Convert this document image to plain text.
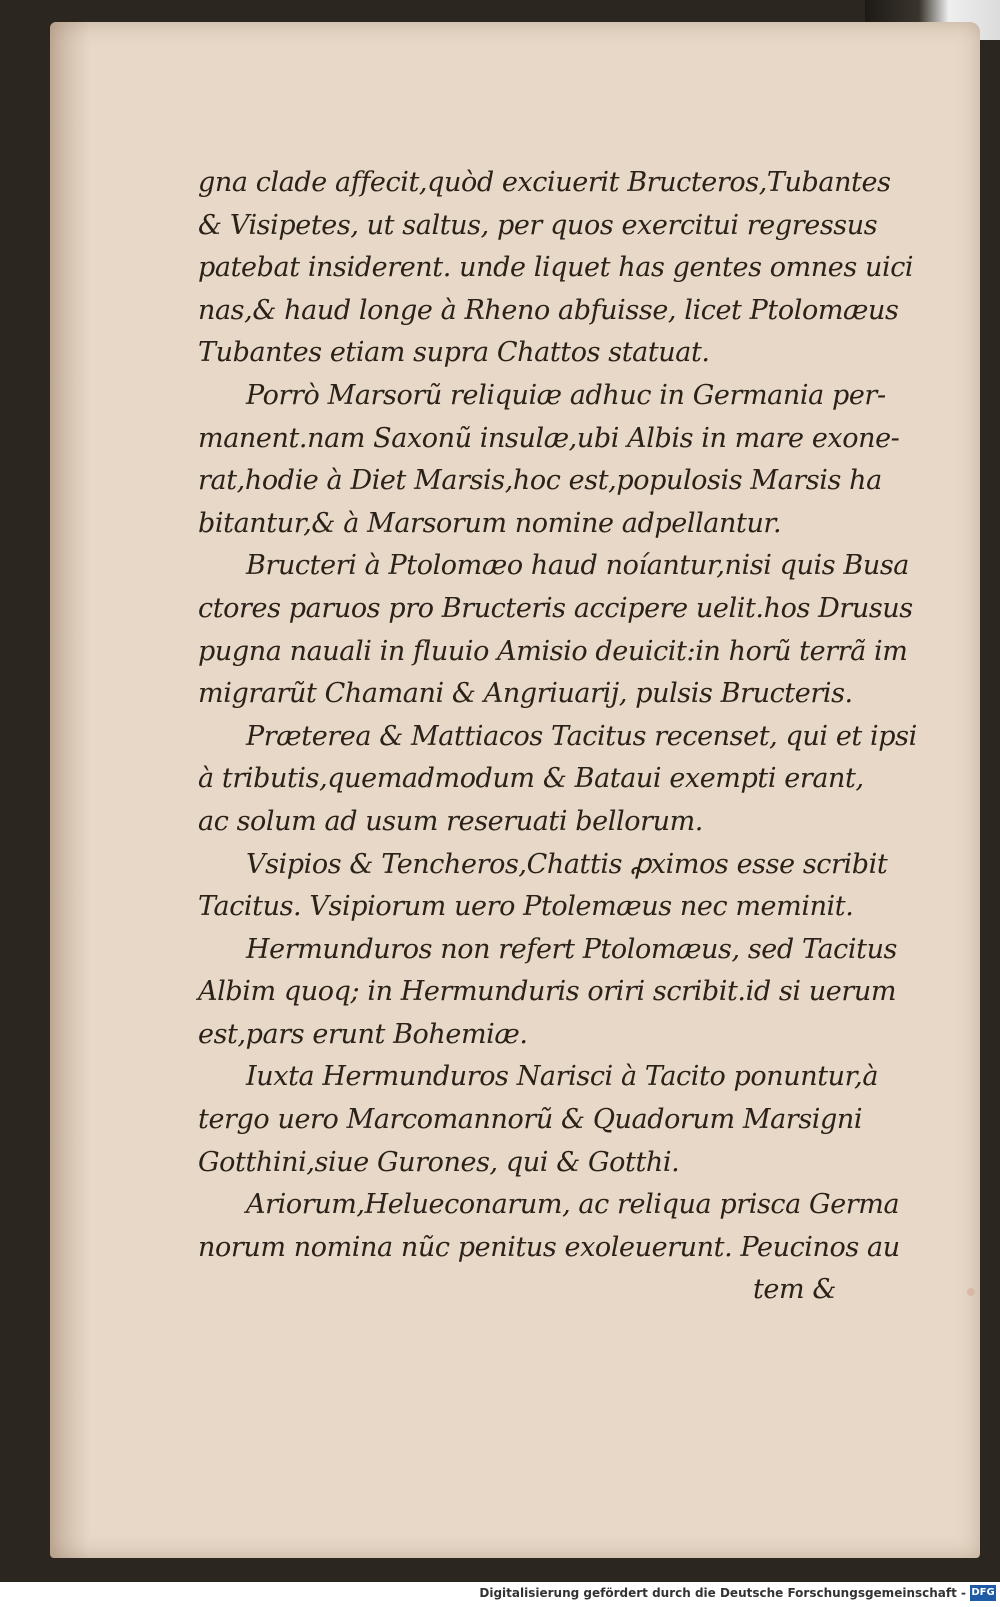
gna clade affecit,quòd exciuerit Bructeros,Tubantes
& Visipetes, ut saltus, per quos exercitui regressus
patebat insiderent. unde liquet has gentes omnes uici
nas,& haud longe à Rheno abfuisse, licet Ptolomæus
Tubantes etiam supra Chattos statuat.
Porrò Marsorũ reliquiæ adhuc in Germania per-
manent.nam Saxonũ insulæ,ubi Albis in mare exone-
rat,hodie à Diet Marsis,hoc est,populosis Marsis ha
bitantur,& à Marsorum nomine adpellantur.
Bructeri à Ptolomæo haud noíantur,nisi quis Busa
ctores paruos pro Bructeris accipere uelit.hos Drusus
pugna nauali in fluuio Amisio deuicit:in horũ terrã im
migrarũt Chamani & Angriuarij, pulsis Bructeris.
Præterea & Mattiacos Tacitus recenset, qui et ipsi
à tributis,quemadmodum & Bataui exempti erant,
ac solum ad usum reseruati bellorum.
Vsipios & Tencheros,Chattis ꝓximos esse scribit
Tacitus. Vsipiorum uero Ptolemæus nec meminit.
Hermunduros non refert Ptolomæus, sed Tacitus
Albim quoq; in Hermunduris oriri scribit.id si uerum
est,pars erunt Bohemiæ.
Iuxta Hermunduros Narisci à Tacito ponuntur,à
tergo uero Marcomannorũ & Quadorum Marsigni
Gotthini,siue Gurones, qui & Gotthi.
Ariorum,Helueconarum, ac reliqua prisca Germa
norum nomina nũc penitus exoleuerunt. Peucinos au
tem &
Digitalisierung gefördert durch die Deutsche Forschungsgemeinschaft - DFG
